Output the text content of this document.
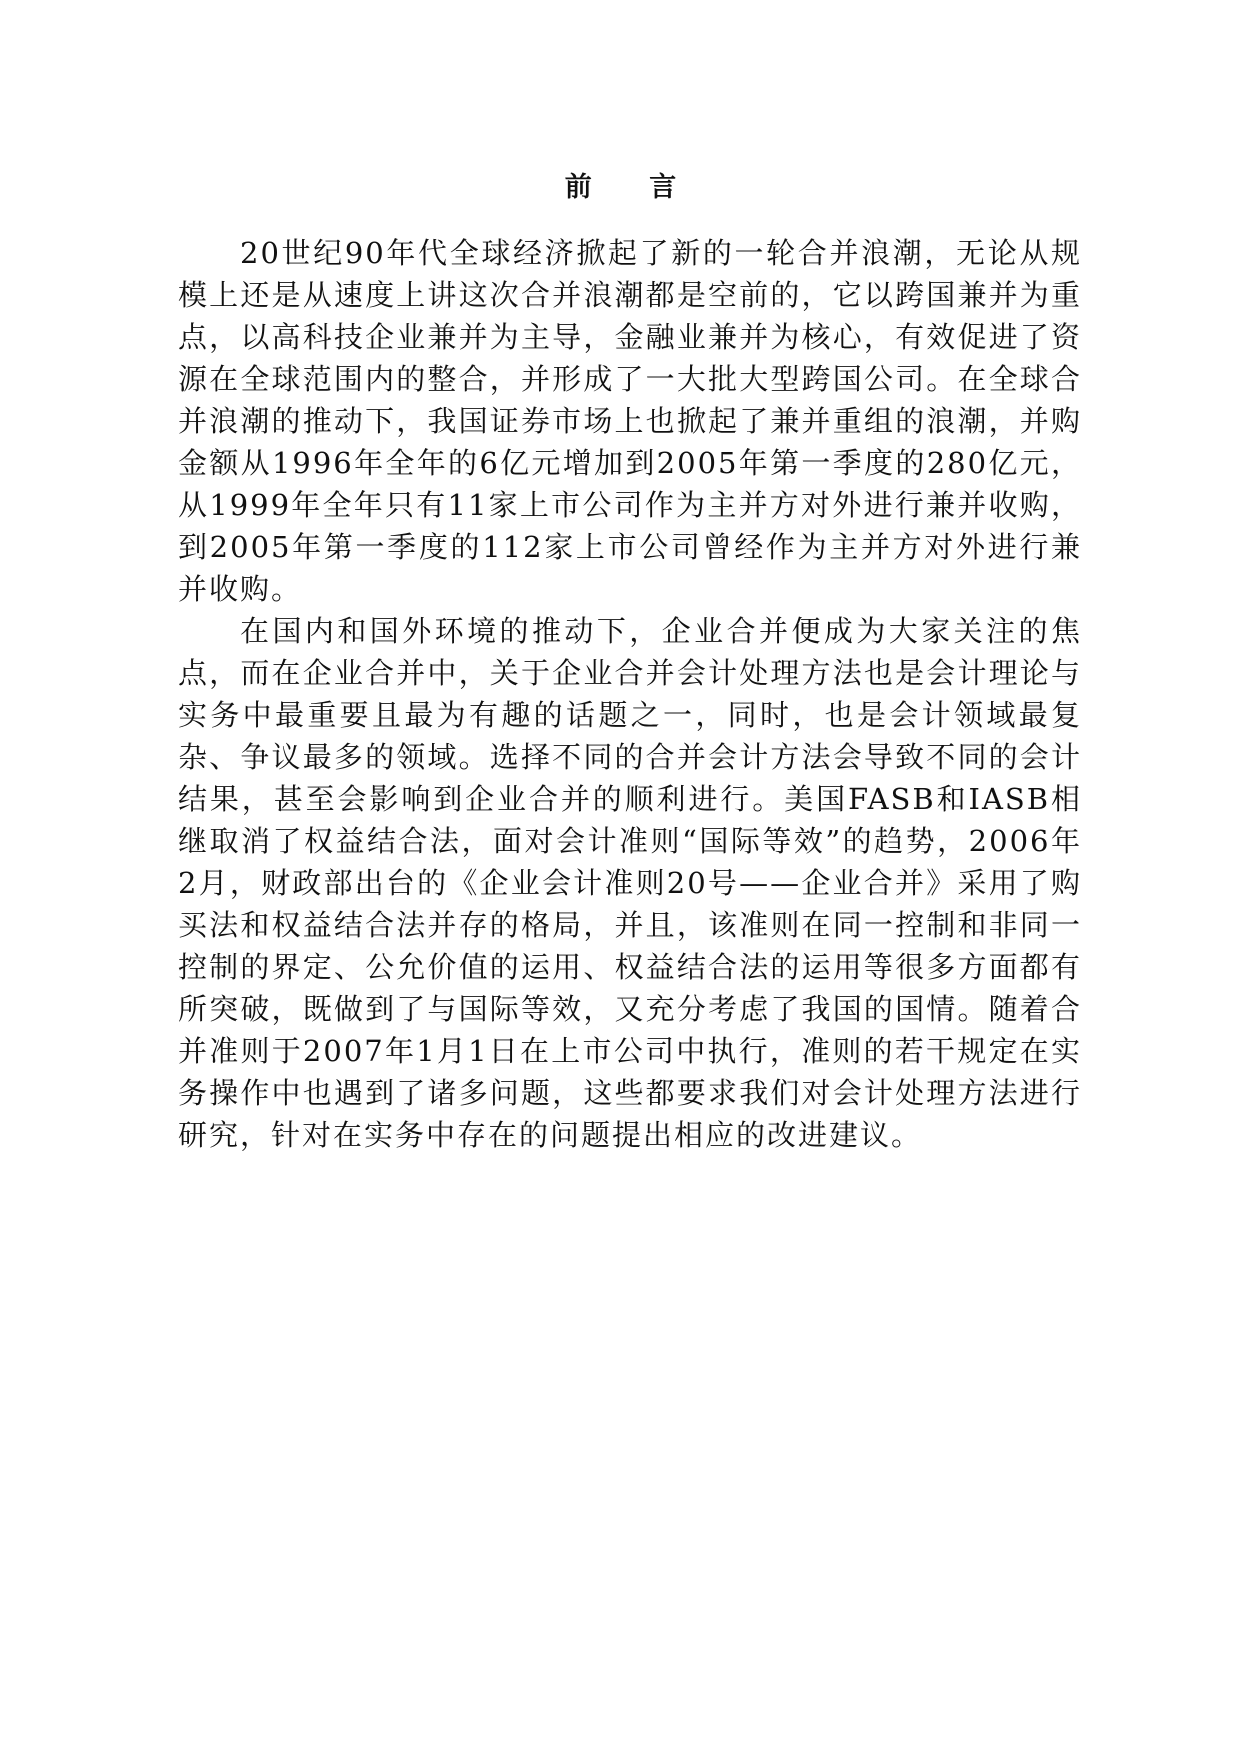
前 言

20世纪90年代全球经济掀起了新的一轮合并浪潮，无论从规模上还是从速度上讲这次合并浪潮都是空前的，它以跨国兼并为重点，以高科技企业兼并为主导，金融业兼并为核心，有效促进了资源在全球范围内的整合，并形成了一大批大型跨国公司。在全球合并浪潮的推动下，我国证券市场上也掀起了兼并重组的浪潮，并购金额从1996年全年的6亿元增加到2005年第一季度的280亿元，从1999年全年只有11家上市公司作为主并方对外进行兼并收购，到2005年第一季度的112家上市公司曾经作为主并方对外进行兼并收购。

在国内和国外环境的推动下，企业合并便成为大家关注的焦点，而在企业合并中，关于企业合并会计处理方法也是会计理论与实务中最重要且最为有趣的话题之一，同时，也是会计领域最复杂、争议最多的领域。选择不同的合并会计方法会导致不同的会计结果，甚至会影响到企业合并的顺利进行。美国FASB和IASB相继取消了权益结合法，面对会计准则“国际等效”的趋势，2006年2月，财政部出台的《企业会计准则20号——企业合并》采用了购买法和权益结合法并存的格局，并且，该准则在同一控制和非同一控制的界定、公允价值的运用、权益结合法的运用等很多方面都有所突破，既做到了与国际等效，又充分考虑了我国的国情。随着合并准则于2007年1月1日在上市公司中执行，准则的若干规定在实务操作中也遇到了诸多问题，这些都要求我们对会计处理方法进行研究，针对在实务中存在的问题提出相应的改进建议。
